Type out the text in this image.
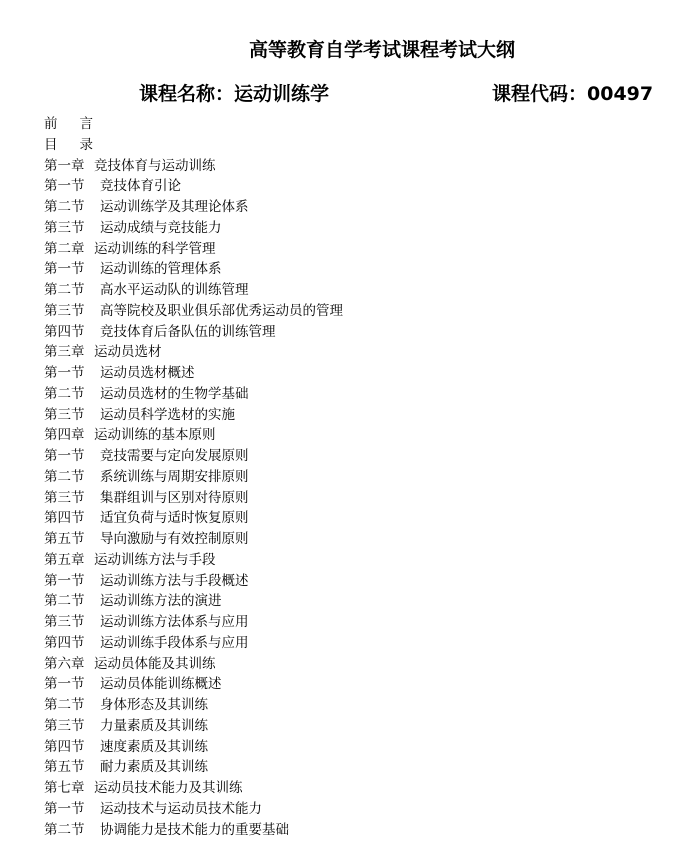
高等教育自学考试课程考试大纲
课程名称：运动训练学	课程代码：00497
前言
目录
第一章 竞技体育与运动训练
第一节 竞技体育引论
第二节 运动训练学及其理论体系
第三节 运动成绩与竞技能力
第二章 运动训练的科学管理
第一节 运动训练的管理体系
第二节 高水平运动队的训练管理
第三节 高等院校及职业俱乐部优秀运动员的管理
第四节 竞技体育后备队伍的训练管理
第三章 运动员选材
第一节 运动员选材概述
第二节 运动员选材的生物学基础
第三节 运动员科学选材的实施
第四章 运动训练的基本原则
第一节 竞技需要与定向发展原则
第二节 系统训练与周期安排原则
第三节 集群组训与区别对待原则
第四节 适宜负荷与适时恢复原则
第五节 导向激励与有效控制原则
第五章 运动训练方法与手段
第一节 运动训练方法与手段概述
第二节 运动训练方法的演进
第三节 运动训练方法体系与应用
第四节 运动训练手段体系与应用
第六章 运动员体能及其训练
第一节 运动员体能训练概述
第二节 身体形态及其训练
第三节 力量素质及其训练
第四节 速度素质及其训练
第五节 耐力素质及其训练
第七章 运动员技术能力及其训练
第一节 运动技术与运动员技术能力
第二节 协调能力是技术能力的重要基础
